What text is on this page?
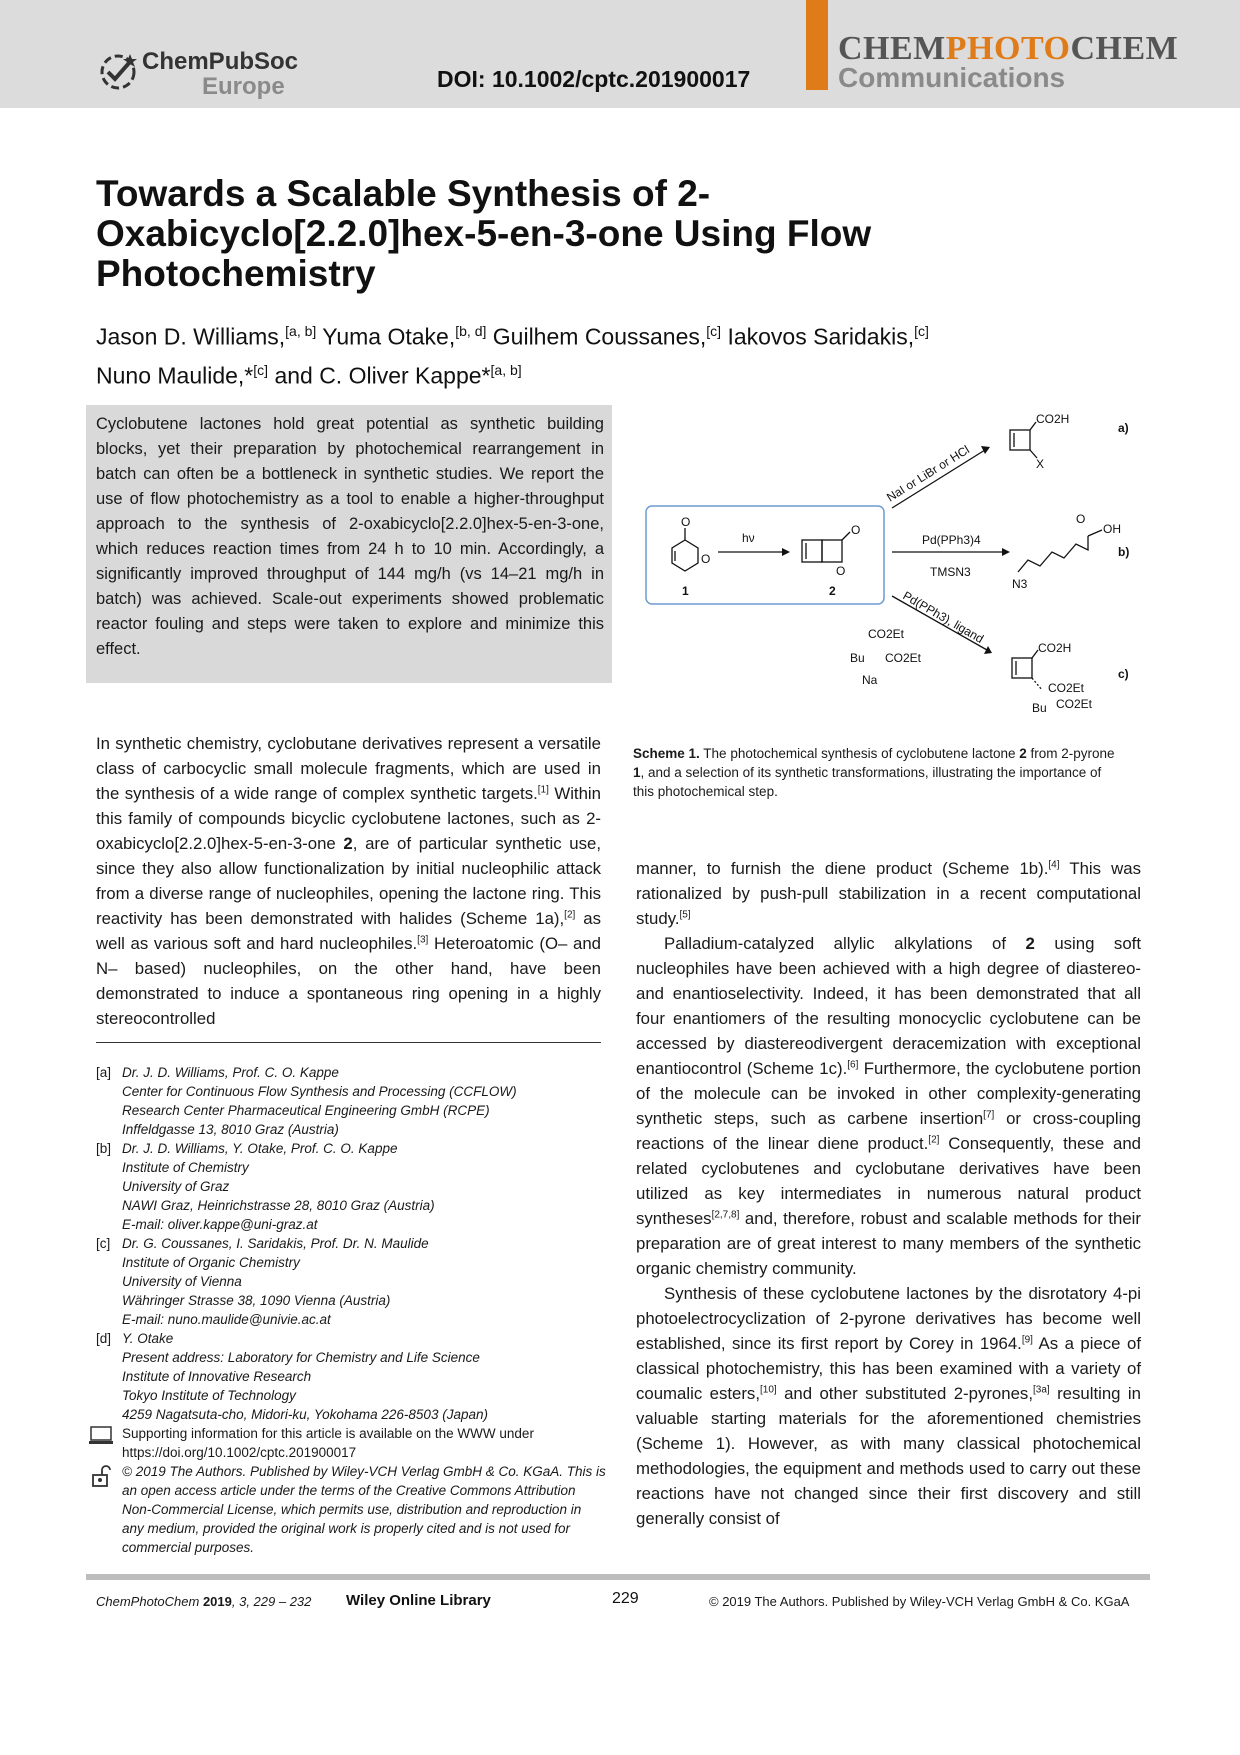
ChemPubSoc
Europe	DOI: 10.1002/cptc.201900017
CHEMPHOTOCHEM
Communications
Towards a Scalable Synthesis of 2-Oxabicyclo[2.2.0]hex-5-en-3-one Using Flow Photochemistry
Jason D. Williams,[a, b] Yuma Otake,[b, d] Guilhem Coussanes,[c] Iakovos Saridakis,[c]
Nuno Maulide,*[c] and C. Oliver Kappe*[a, b]

Cyclobutene lactones hold great potential as synthetic building blocks, yet their preparation by photochemical rearrangement in batch can often be a bottleneck in synthetic studies. We report the use of flow photochemistry as a tool to enable a higher-throughput approach to the synthesis of 2-oxabicyclo[2.2.0]hex-5-en-3-one, which reduces reaction times from 24 h to 10 min. Accordingly, a significantly improved throughput of 144 mg/h (vs 14–21 mg/h in batch) was achieved. Scale-out experiments showed problematic reactor fouling and steps were taken to explore and minimize this effect.

O
O
1
hν
O
O
2
NaI or LiBr or HCl
CO2H
X
a)
Pd(PPh3)4
TMSN3
O
OH
N3
b)
Pd(PPh3), ligand
CO2Et
Bu CO2Et
Na
CO2H
CO2Et
CO2Et
Bu
c)
Scheme 1. The photochemical synthesis of cyclobutene lactone 2 from 2-pyrone 1, and a selection of its synthetic transformations, illustrating the importance of this photochemical step.

In synthetic chemistry, cyclobutane derivatives represent a versatile class of carbocyclic small molecule fragments, which are used in the synthesis of a wide range of complex synthetic targets.[1] Within this family of compounds bicyclic cyclobutene lactones, such as 2-oxabicyclo[2.2.0]hex-5-en-3-one 2, are of particular synthetic use, since they also allow functionalization by initial nucleophilic attack from a diverse range of nucleophiles, opening the lactone ring. This reactivity has been demonstrated with halides (Scheme 1a),[2] as well as various soft and hard nucleophiles.[3] Heteroatomic (O– and N– based) nucleophiles, on the other hand, have been demonstrated to induce a spontaneous ring opening in a highly stereocontrolled

[a] Dr. J. D. Williams, Prof. C. O. Kappe
Center for Continuous Flow Synthesis and Processing (CCFLOW)
Research Center Pharmaceutical Engineering GmbH (RCPE)
Inffeldgasse 13, 8010 Graz (Austria)
[b] Dr. J. D. Williams, Y. Otake, Prof. C. O. Kappe
Institute of Chemistry
University of Graz
NAWI Graz, Heinrichstrasse 28, 8010 Graz (Austria)
E-mail: oliver.kappe@uni-graz.at
[c] Dr. G. Coussanes, I. Saridakis, Prof. Dr. N. Maulide
Institute of Organic Chemistry
University of Vienna
Währinger Strasse 38, 1090 Vienna (Austria)
E-mail: nuno.maulide@univie.ac.at
[d] Y. Otake
Present address: Laboratory for Chemistry and Life Science
Institute of Innovative Research
Tokyo Institute of Technology
4259 Nagatsuta-cho, Midori-ku, Yokohama 226-8503 (Japan)
Supporting information for this article is available on the WWW under https://doi.org/10.1002/cptc.201900017
© 2019 The Authors. Published by Wiley-VCH Verlag GmbH & Co. KGaA. This is an open access article under the terms of the Creative Commons Attribution Non-Commercial License, which permits use, distribution and reproduction in any medium, provided the original work is properly cited and is not used for commercial purposes.

manner, to furnish the diene product (Scheme 1b).[4] This was rationalized by push-pull stabilization in a recent computational study.[5]

Palladium-catalyzed allylic alkylations of 2 using soft nucleophiles have been achieved with a high degree of diastereo- and enantioselectivity. Indeed, it has been demonstrated that all four enantiomers of the resulting monocyclic cyclobutene can be accessed by diastereodivergent deracemization with exceptional enantiocontrol (Scheme 1c).[6] Furthermore, the cyclobutene portion of the molecule can be invoked in other complexity-generating synthetic steps, such as carbene insertion[7] or cross-coupling reactions of the linear diene product.[2] Consequently, these and related cyclobutenes and cyclobutane derivatives have been utilized as key intermediates in numerous natural product syntheses[2,7,8] and, therefore, robust and scalable methods for their preparation are of great interest to many members of the synthetic organic chemistry community.

Synthesis of these cyclobutene lactones by the disrotatory 4-pi photoelectrocyclization of 2-pyrone derivatives has become well established, since its first report by Corey in 1964.[9] As a piece of classical photochemistry, this has been examined with a variety of coumalic esters,[10] and other substituted 2-pyrones,[3a] resulting in valuable starting materials for the aforementioned chemistries (Scheme 1). However, as with many classical photochemical methodologies, the equipment and methods used to carry out these reactions have not changed since their first discovery and still generally consist of

ChemPhotoChem 2019, 3, 229 – 232 Wiley Online Library	229	© 2019 The Authors. Published by Wiley-VCH Verlag GmbH & Co. KGaA
